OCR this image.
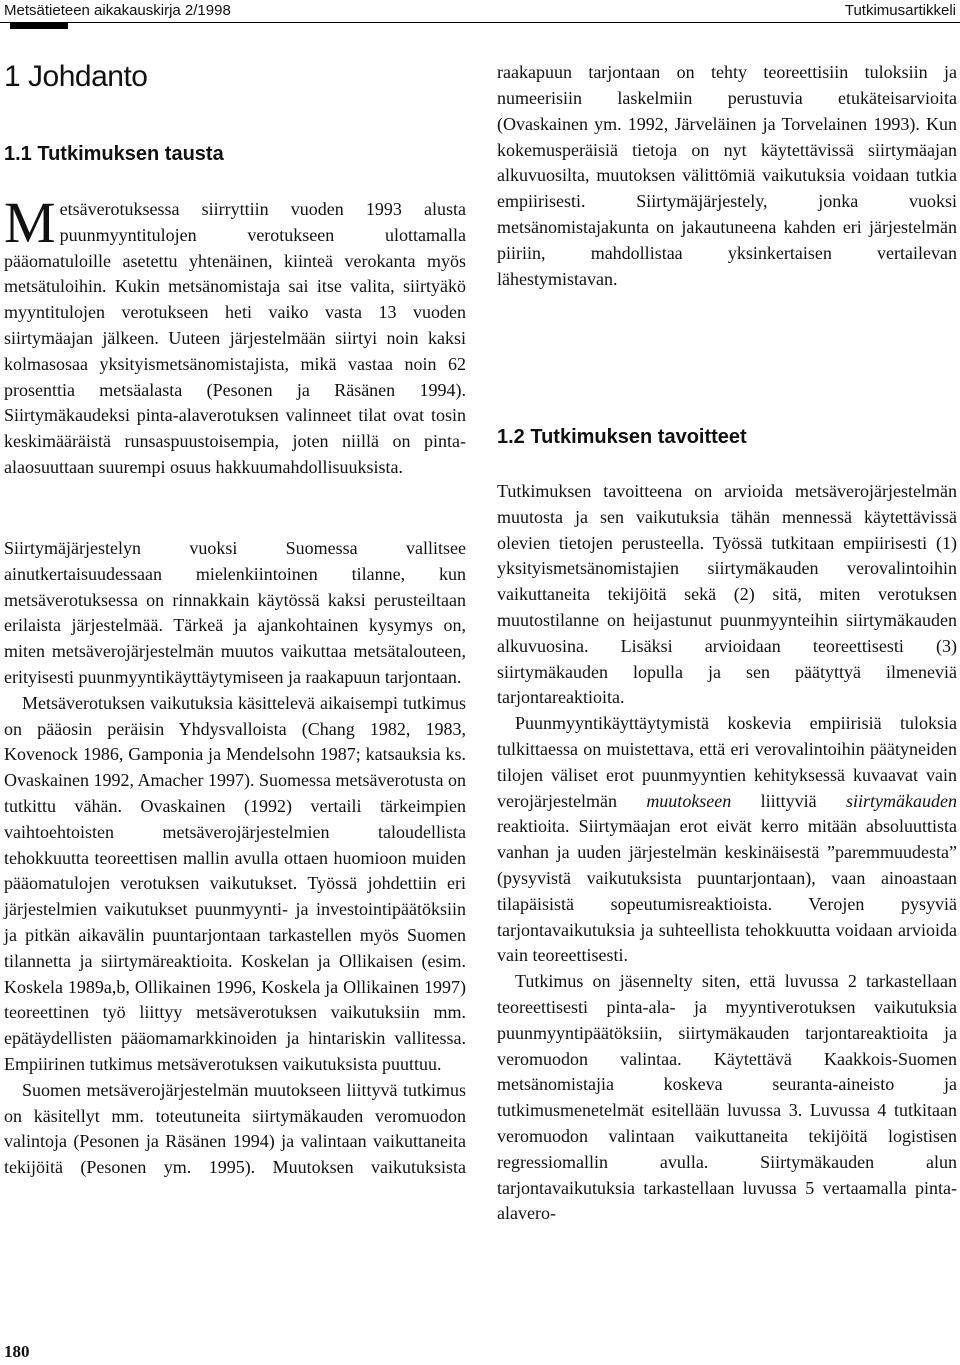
Metsätieteen aikakauskirja 2/1998	Tutkimusartikkeli
1 Johdanto
1.1 Tutkimuksen tausta

Metsäverotuksessa siirryttiin vuoden 1993 alusta puunmyyntitulojen verotukseen ulottamalla pääomatuloille asetettu yhtenäinen, kiinteä verokanta myös metsätuloihin. Kukin metsänomistaja sai itse valita, siirtyäkö myyntitulojen verotukseen heti vaiko vasta 13 vuoden siirtymäajan jälkeen. Uuteen järjestelmään siirtyi noin kaksi kolmasosaa yksityismetsänomistajista, mikä vastaa noin 62 prosenttia metsäalasta (Pesonen ja Räsänen 1994). Siirtymäkaudeksi pinta-alaverotuksen valinneet tilat ovat tosin keskimääräistä runsaspuustoisempia, joten niillä on pinta-alaosuuttaan suurempi osuus hakkuumahdollisuuksista.

Siirtymäjärjestelyn vuoksi Suomessa vallitsee ainutkertaisuudessaan mielenkiintoinen tilanne, kun metsäverotuksessa on rinnakkain käytössä kaksi perusteiltaan erilaista järjestelmää. Tärkeä ja ajankohtainen kysymys on, miten metsäverojärjestelmän muutos vaikuttaa metsätalouteen, erityisesti puunmyyntikäyttäytymiseen ja raakapuun tarjontaan.

Metsäverotuksen vaikutuksia käsittelevä aikaisempi tutkimus on pääosin peräisin Yhdysvalloista (Chang 1982, 1983, Kovenock 1986, Gamponia ja Mendelsohn 1987; katsauksia ks. Ovaskainen 1992, Amacher 1997). Suomessa metsäverotusta on tutkittu vähän. Ovaskainen (1992) vertaili tärkeimpien vaihtoehtoisten metsäverojärjestelmien taloudellista tehokkuutta teoreettisen mallin avulla ottaen huomioon muiden pääomatulojen verotuksen vaikutukset. Työssä johdettiin eri järjestelmien vaikutukset puunmyynti- ja investointipäätöksiin ja pitkän aikavälin puuntarjontaan tarkastellen myös Suomen tilannetta ja siirtymäreaktioita. Koskelan ja Ollikaisen (esim. Koskela 1989a,b, Ollikainen 1996, Koskela ja Ollikainen 1997) teoreettinen työ liittyy metsäverotuksen vaikutuksiin mm. epätäydellisten pääomamarkkinoiden ja hintariskin vallitessa. Empiirinen tutkimus metsäverotuksen vaikutuksista puuttuu.

Suomen metsäverojärjestelmän muutokseen liittyvä tutkimus on käsitellyt mm. toteutuneita siirtymäkauden veromuodon valintoja (Pesonen ja Räsänen 1994) ja valintaan vaikuttaneita tekijöitä (Pesonen ym. 1995). Muutoksen vaikutuksista

raakapuun tarjontaan on tehty teoreettisiin tuloksiin ja numeerisiin laskelmiin perustuvia etukäteisarvioita (Ovaskainen ym. 1992, Järveläinen ja Torvelainen 1993). Kun kokemusperäisiä tietoja on nyt käytettävissä siirtymäajan alkuvuosilta, muutoksen välittömiä vaikutuksia voidaan tutkia empiirisesti. Siirtymäjärjestely, jonka vuoksi metsänomistajakunta on jakautuneena kahden eri järjestelmän piiriin, mahdollistaa yksinkertaisen vertailevan lähestymistavan.

1.2 Tutkimuksen tavoitteet

Tutkimuksen tavoitteena on arvioida metsäverojärjestelmän muutosta ja sen vaikutuksia tähän mennessä käytettävissä olevien tietojen perusteella. Työssä tutkitaan empiirisesti (1) yksityismetsänomistajien siirtymäkauden verovalintoihin vaikuttaneita tekijöitä sekä (2) sitä, miten verotuksen muutostilanne on heijastunut puunmyynteihin siirtymäkauden alkuvuosina. Lisäksi arvioidaan teoreettisesti (3) siirtymäkauden lopulla ja sen päätyttyä ilmeneviä tarjontareaktioita.

Puunmyyntikäyttäytymistä koskevia empiirisiä tuloksia tulkittaessa on muistettava, että eri verovalintoihin päätyneiden tilojen väliset erot puunmyyntien kehityksessä kuvaavat vain verojärjestelmän muutokseen liittyviä siirtymäkauden reaktioita. Siirtymäajan erot eivät kerro mitään absoluuttista vanhan ja uuden järjestelmän keskinäisestä ”paremmuudesta” (pysyvistä vaikutuksista puuntarjontaan), vaan ainoastaan tilapäisistä sopeutumisreaktioista. Verojen pysyviä tarjontavaikutuksia ja suhteellista tehokkuutta voidaan arvioida vain teoreettisesti.

Tutkimus on jäsennelty siten, että luvussa 2 tarkastellaan teoreettisesti pinta-ala- ja myyntiverotuksen vaikutuksia puunmyyntipäätöksiin, siirtymäkauden tarjontareaktioita ja veromuodon valintaa. Käytettävä Kaakkois-Suomen metsänomistajia koskeva seuranta-aineisto ja tutkimusmenetelmät esitellään luvussa 3. Luvussa 4 tutkitaan veromuodon valintaan vaikuttaneita tekijöitä logistisen regressiomallin avulla. Siirtymäkauden alun tarjontavaikutuksia tarkastellaan luvussa 5 vertaamalla pinta-alavero-

180
